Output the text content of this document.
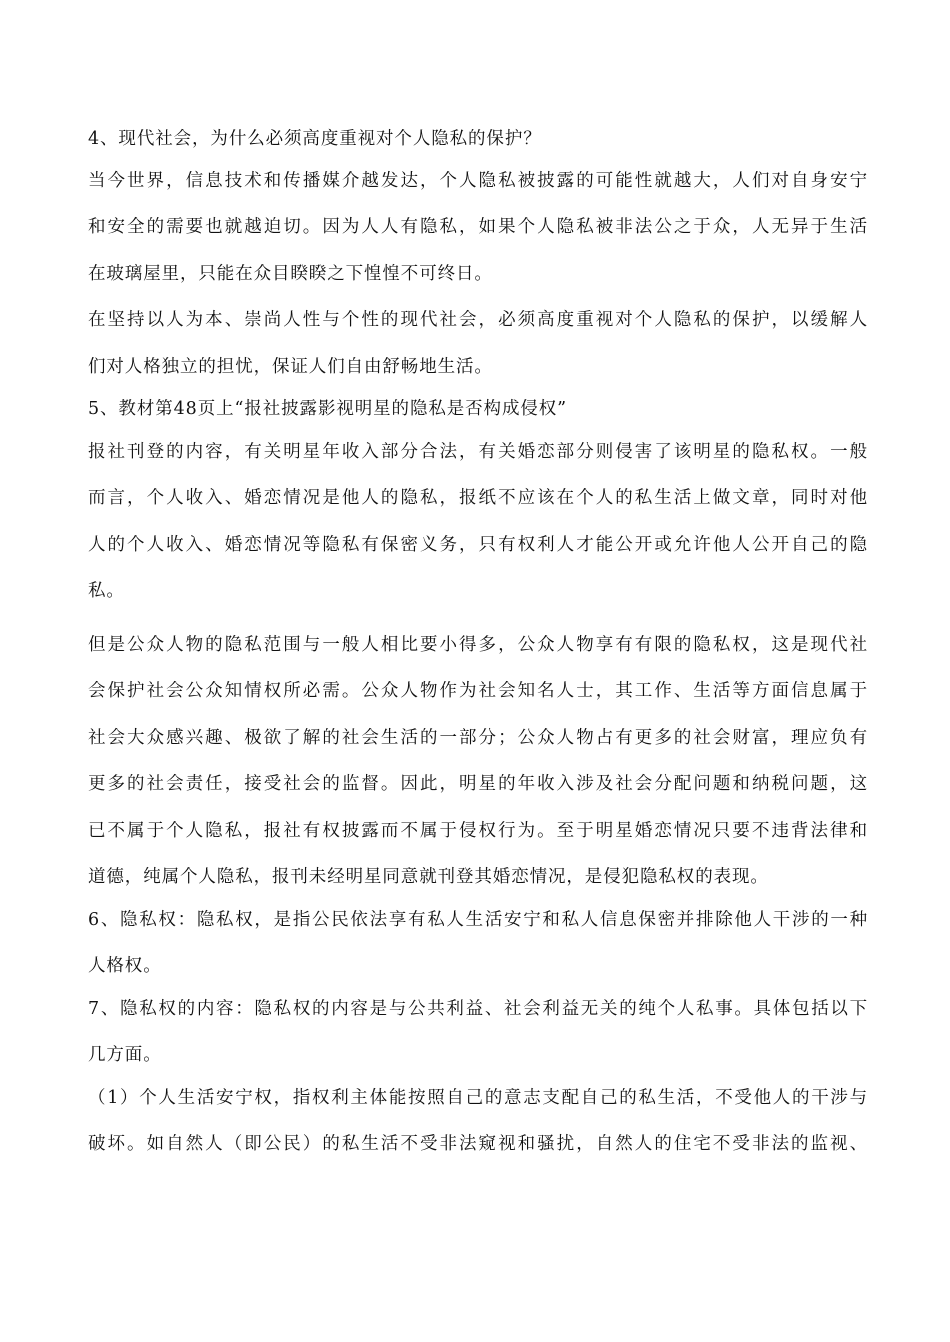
4、现代社会，为什么必须高度重视对个人隐私的保护？

当今世界，信息技术和传播媒介越发达，个人隐私被披露的可能性就越大，人们对自身安宁

和安全的需要也就越迫切。因为人人有隐私，如果个人隐私被非法公之于众，人无异于生活

在玻璃屋里，只能在众目睽睽之下惶惶不可终日。

在坚持以人为本、崇尚人性与个性的现代社会，必须高度重视对个人隐私的保护，以缓解人

们对人格独立的担忧，保证人们自由舒畅地生活。

5、教材第48页上“报社披露影视明星的隐私是否构成侵权”

报社刊登的内容，有关明星年收入部分合法，有关婚恋部分则侵害了该明星的隐私权。一般

而言，个人收入、婚恋情况是他人的隐私，报纸不应该在个人的私生活上做文章，同时对他

人的个人收入、婚恋情况等隐私有保密义务，只有权利人才能公开或允许他人公开自己的隐

私。

但是公众人物的隐私范围与一般人相比要小得多，公众人物享有有限的隐私权，这是现代社

会保护社会公众知情权所必需。公众人物作为社会知名人士，其工作、生活等方面信息属于

社会大众感兴趣、极欲了解的社会生活的一部分；公众人物占有更多的社会财富，理应负有

更多的社会责任，接受社会的监督。因此，明星的年收入涉及社会分配问题和纳税问题，这

已不属于个人隐私，报社有权披露而不属于侵权行为。至于明星婚恋情况只要不违背法律和

道德，纯属个人隐私，报刊未经明星同意就刊登其婚恋情况，是侵犯隐私权的表现。

6、隐私权：隐私权，是指公民依法享有私人生活安宁和私人信息保密并排除他人干涉的一种

人格权。

7、隐私权的内容：隐私权的内容是与公共利益、社会利益无关的纯个人私事。具体包括以下

几方面。

（1）个人生活安宁权，指权利主体能按照自己的意志支配自己的私生活，不受他人的干涉与

破坏。如自然人（即公民）的私生活不受非法窥视和骚扰，自然人的住宅不受非法的监视、
